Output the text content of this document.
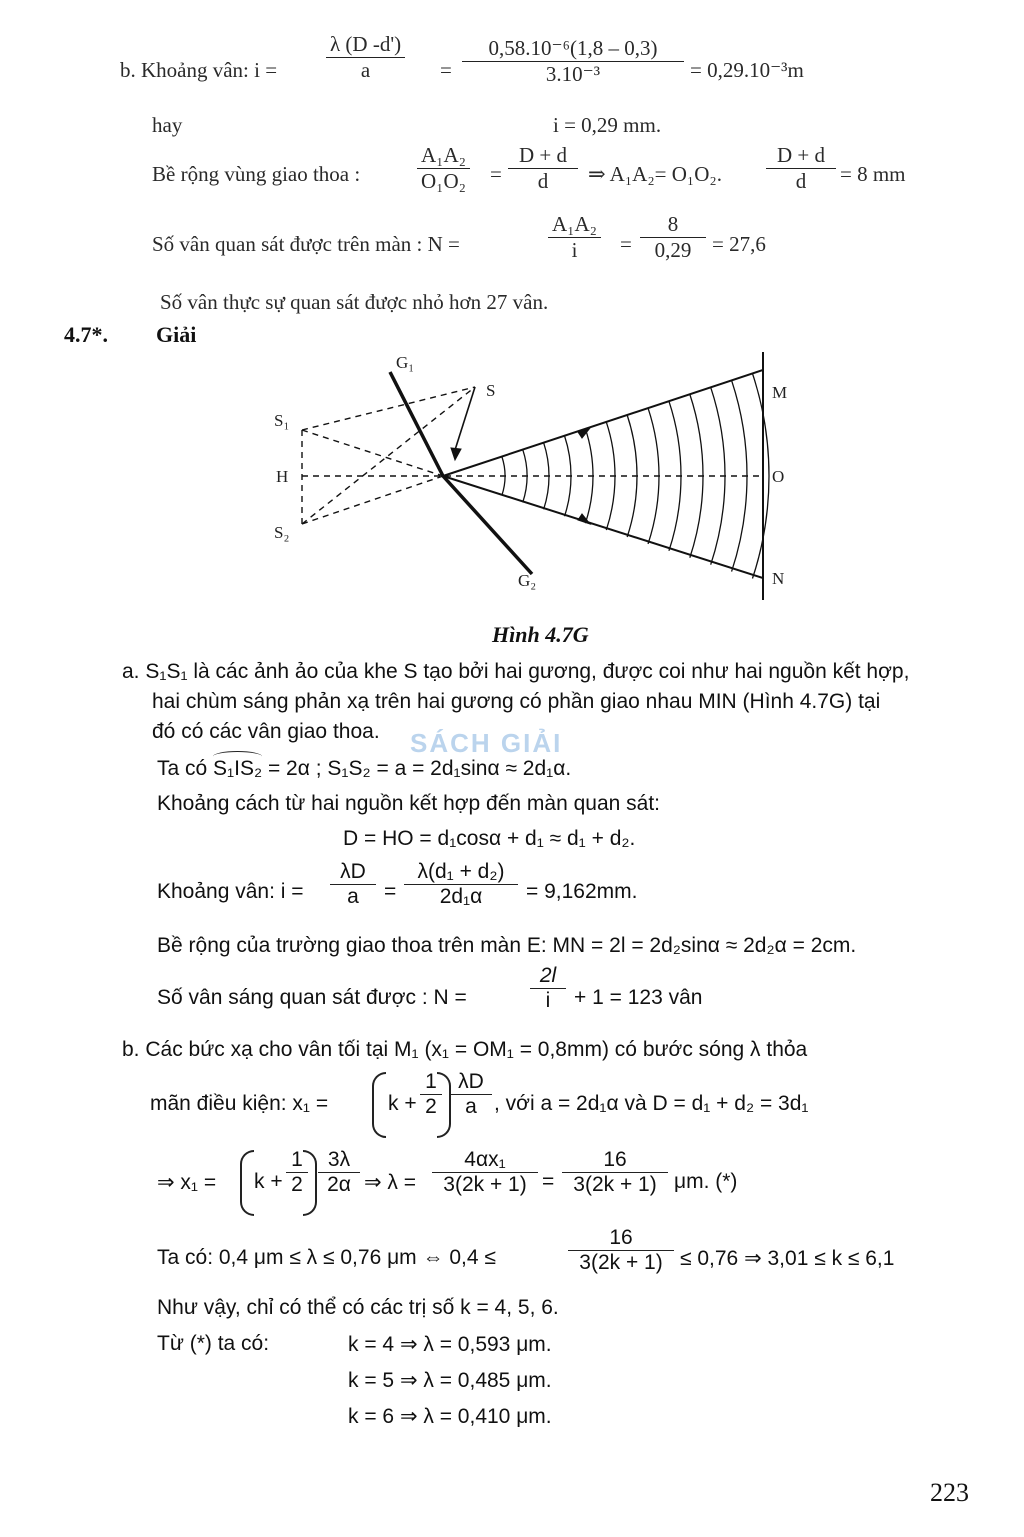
b. Khoảng vân: i =
λ (D -d')
a	=
0,58.10⁻⁶(1,8 – 0,3)
3.10⁻³	= 0,29.10⁻³m
hay	i = 0,29 mm.
Bề rộng vùng giao thoa :
A₁A₂
O₁O₂ =
D + d
d	⇒ A₁A₂= O₁O₂.
D + d
d	= 8 mm
Số vân quan sát được trên màn : N =
A₁A₂
i	=
8
0,29 = 27,6
Số vân thực sự quan sát được nhỏ hơn 27 vân.
4.7*. Giải
G₁
S
S₁
H
S₂
G₂
M
O
N
Hình 4.7G
a. S₁S₁ là các ảnh ảo của khe S tạo bởi hai gương, được coi như hai nguồn kết hợp,
hai chùm sáng phản xạ trên hai gương có phần giao nhau MIN (Hình 4.7G) tại
đó có các vân giao thoa. SÁCH GIẢI
Ta có
S₁IS₂ = 2α ; S₁S₂ = a = 2d₁sinα ≈ 2d₁α.
Khoảng cách từ hai nguồn kết hợp đến màn quan sát:
D = HO = d₁cosα + d₁ ≈ d₁ + d₂.
Khoảng vân: i =
λD
a	=
λ(d₁ + d₂)
2d₁α	= 9,162mm.
Bề rộng của trường giao thoa trên màn E: MN = 2l = 2d₂sinα ≈ 2d₂α = 2cm.
Số vân sáng quan sát được : N =
2l
i	+ 1 = 123 vân
b. Các bức xạ cho vân tối tại M₁ (x₁ = OM₁ = 0,8mm) có bước sóng λ thỏa
mãn điều kiện: x₁ =	k +
1
2
λD
a , với a = 2d₁α và D = d₁ + d₂ = 3d₁
⇒ x₁ = k +
1
2
3λ
2α ⇒ λ =
4αx₁
3(2k + 1) =
16
3(2k + 1) μm. (*)
Ta có: 0,4 μm ≤ λ ≤ 0,76 μm ⇔ 0,4 ≤
16
3(2k + 1) ≤ 0,76 ⇒ 3,01 ≤ k ≤ 6,1
Như vậy, chỉ có thể có các trị số k = 4, 5, 6.
Từ (*) ta có:	k = 4 ⇒ λ = 0,593 μm.
k = 5 ⇒ λ = 0,485 μm.
k = 6 ⇒ λ = 0,410 μm.
223
